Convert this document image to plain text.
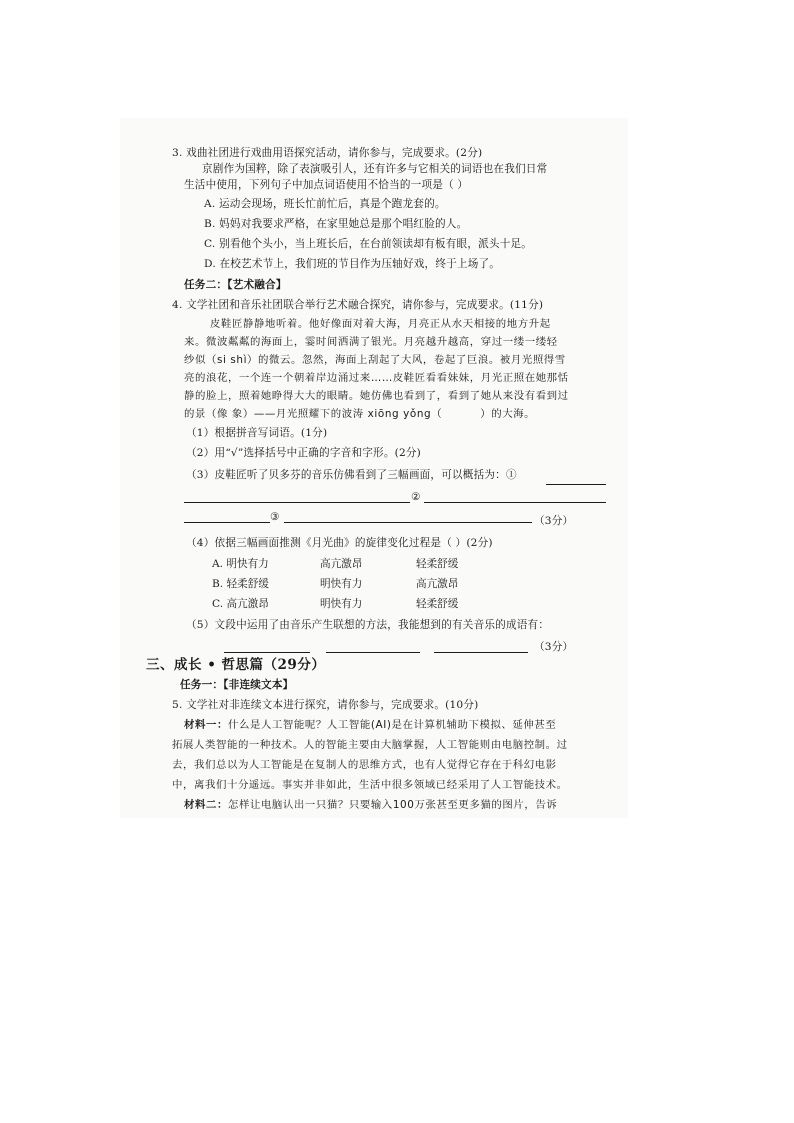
3. 戏曲社团进行戏曲用语探究活动，请你参与，完成要求。(2分)
京剧作为国粹，除了表演吸引人，还有许多与它相关的词语也在我们日常
生活中使用，下列句子中加点词语使用不恰当的一项是（ ）
A. 运动会现场，班长忙前忙后，真是个跑龙套的。
B. 妈妈对我要求严格，在家里她总是那个唱红脸的人。
C. 别看他个头小，当上班长后，在台前领读却有板有眼，派头十足。
D. 在校艺术节上，我们班的节目作为压轴好戏，终于上场了。
任务二：【艺术融合】
4. 文学社团和音乐社团联合举行艺术融合探究，请你参与，完成要求。(11分)
皮鞋匠静静地听着。他好像面对着大海，月亮正从水天相接的地方升起
来。微波粼粼的海面上，霎时间洒满了银光。月亮越升越高，穿过一缕一缕轻
纱似（si shì）的微云。忽然，海面上刮起了大风，卷起了巨浪。被月光照得雪
亮的浪花，一个连一个朝着岸边涌过来……皮鞋匠看看妹妹，月光正照在她那恬
静的脸上，照着她睁得大大的眼睛。她仿佛也看到了，看到了她从来没有看到过
的景（像 象）——月光照耀下的波涛 xiōng yǒng（	）的大海。
（1）根据拼音写词语。(1分)
（2）用“√”选择括号中正确的字音和字形。(2分)
（3）皮鞋匠听了贝多芬的音乐仿佛看到了三幅画面，可以概括为：①
②
③	（3分）
（4）依据三幅画面推测《月光曲》的旋律变化过程是（ ）(2分)
A. 明快有力	高亢激昂	轻柔舒缓
B. 轻柔舒缓	明快有力	高亢激昂
C. 高亢激昂	明快有力	轻柔舒缓
（5）文段中运用了由音乐产生联想的方法，我能想到的有关音乐的成语有：
（3分）
三、成长 • 哲思篇（29分）
任务一：【非连续文本】
5. 文学社对非连续文本进行探究，请你参与，完成要求。(10分)
材料一：什么是人工智能呢？人工智能(AI)是在计算机辅助下模拟、延伸甚至
拓展人类智能的一种技术。人的智能主要由大脑掌握，人工智能则由电脑控制。过
去，我们总以为人工智能是在复制人的思维方式，也有人觉得它存在于科幻电影
中，离我们十分遥远。事实并非如此，生活中很多领域已经采用了人工智能技术。
材料二：怎样让电脑认出一只猫？只要输入100万张甚至更多猫的图片，告诉
